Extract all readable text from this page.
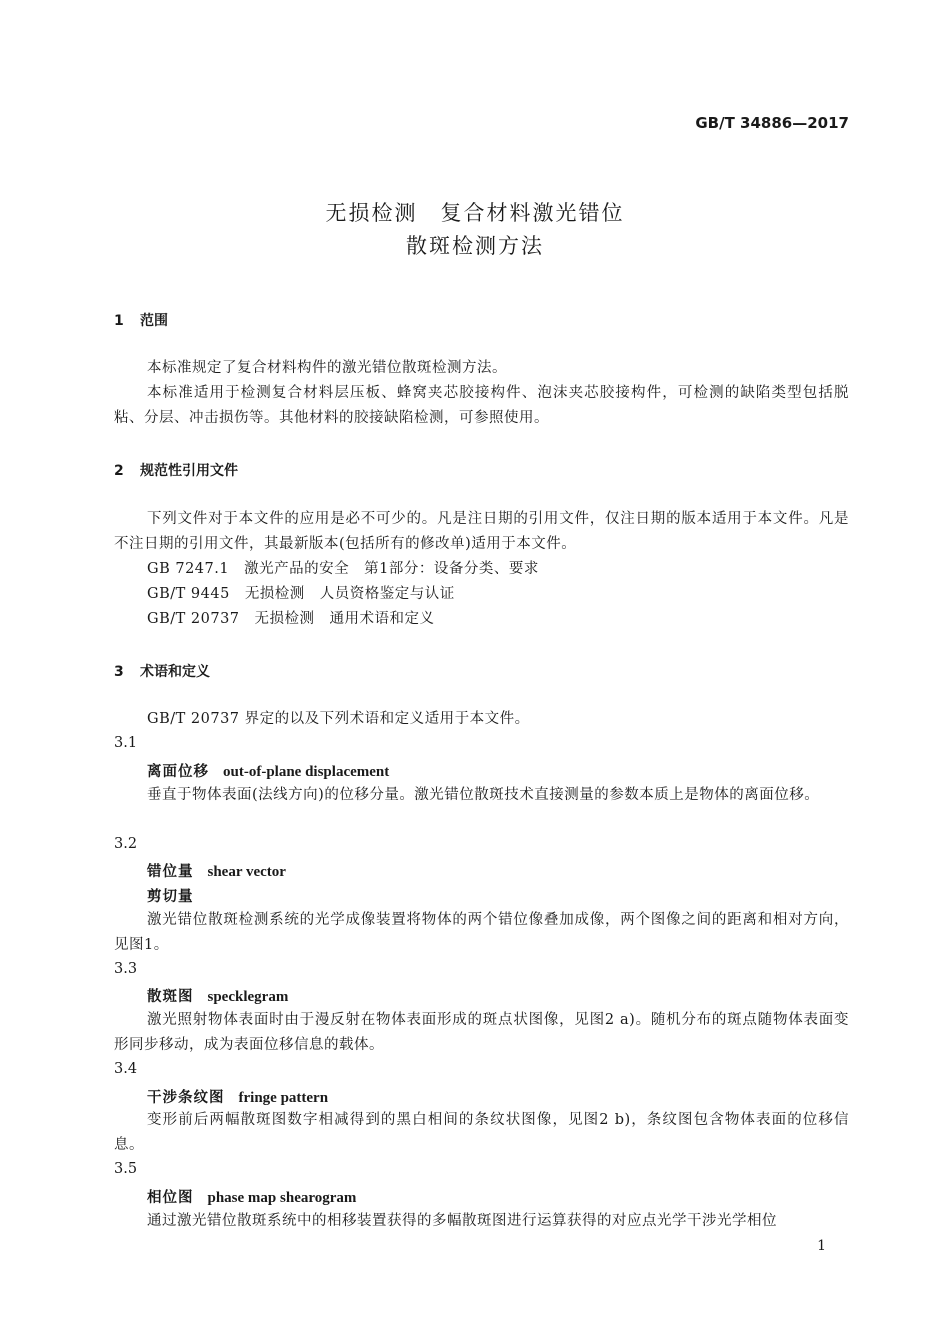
GB/T 34886—2017
无损检测　复合材料激光错位
散斑检测方法
1 范围
本标准规定了复合材料构件的激光错位散斑检测方法。
本标准适用于检测复合材料层压板、蜂窝夹芯胶接构件、泡沫夹芯胶接构件，可检测的缺陷类型包括脱粘、分层、冲击损伤等。其他材料的胶接缺陷检测，可参照使用。
2 规范性引用文件
下列文件对于本文件的应用是必不可少的。凡是注日期的引用文件，仅注日期的版本适用于本文件。凡是不注日期的引用文件，其最新版本(包括所有的修改单)适用于本文件。
GB 7247.1　 激光产品的安全　第1部分：设备分类、要求
GB/T 9445　 无损检测　人员资格鉴定与认证
GB/T 20737　 无损检测　通用术语和定义
3 术语和定义
GB/T 20737 界定的以及下列术语和定义适用于本文件。
3.1
离面位移 out-of-plane displacement
垂直于物体表面(法线方向)的位移分量。激光错位散斑技术直接测量的参数本质上是物体的离面位移。
3.2
错位量 shear vector
剪切量
激光错位散斑检测系统的光学成像装置将物体的两个错位像叠加成像，两个图像之间的距离和相对方向，见图1。
3.3
散斑图 specklegram
激光照射物体表面时由于漫反射在物体表面形成的斑点状图像，见图2 a)。随机分布的斑点随物体表面变形同步移动，成为表面位移信息的载体。
3.4
干涉条纹图 fringe pattern
变形前后两幅散斑图数字相减得到的黑白相间的条纹状图像，见图2 b)，条纹图包含物体表面的位移信息。
3.5
相位图 phase map shearogram
通过激光错位散斑系统中的相移装置获得的多幅散斑图进行运算获得的对应点光学干涉光学相位
1
